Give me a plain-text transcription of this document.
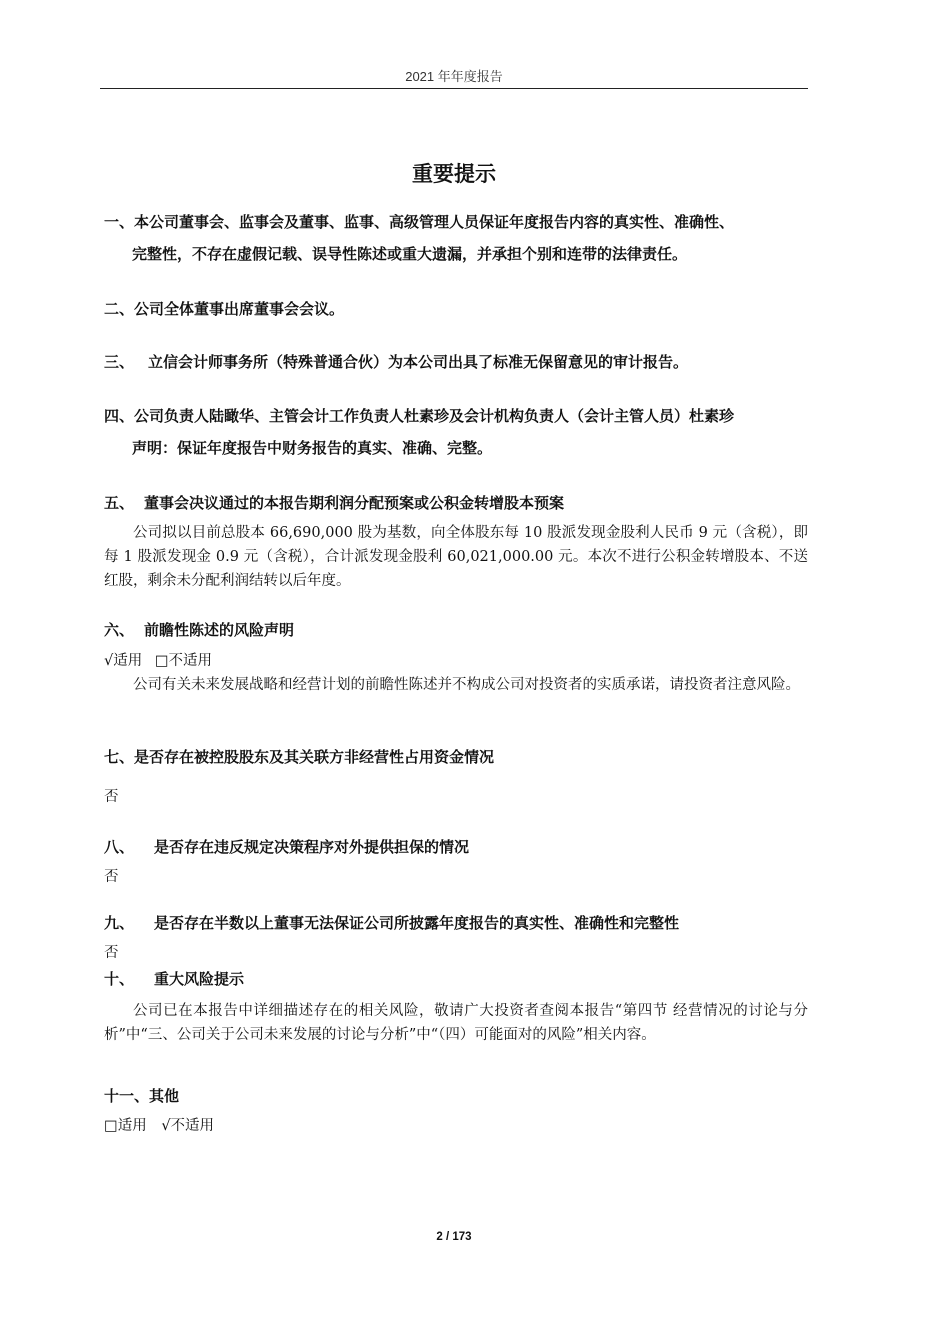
2021 年年度报告
重要提示
一、本公司董事会、监事会及董事、监事、高级管理人员保证年度报告内容的真实性、准确性、
完整性，不存在虚假记载、误导性陈述或重大遗漏，并承担个别和连带的法律责任。
二、公司全体董事出席董事会会议。
三、 立信会计师事务所（特殊普通合伙）为本公司出具了标准无保留意见的审计报告。
四、公司负责人陆瞰华、主管会计工作负责人杜素珍及会计机构负责人（会计主管人员）杜素珍
声明：保证年度报告中财务报告的真实、准确、完整。
五、 董事会决议通过的本报告期利润分配预案或公积金转增股本预案

公司拟以目前总股本 66,690,000 股为基数，向全体股东每 10 股派发现金股利人民币 9 元（含税），即每 1 股派发现金 0.9 元（含税），合计派发现金股利 60,021,000.00 元。本次不进行公积金转增股本、不送红股，剩余未分配利润结转以后年度。

六、 前瞻性陈述的风险声明
√适用 □不适用

公司有关未来发展战略和经营计划的前瞻性陈述并不构成公司对投资者的实质承诺，请投资者注意风险。

七、是否存在被控股股东及其关联方非经营性占用资金情况
否
八、 是否存在违反规定决策程序对外提供担保的情况
否
九、 是否存在半数以上董事无法保证公司所披露年度报告的真实性、准确性和完整性
否
十、 重大风险提示

公司已在本报告中详细描述存在的相关风险，敬请广大投资者查阅本报告“第四节 经营情况的讨论与分析”中“三、公司关于公司未来发展的讨论与分析”中“（四）可能面对的风险”相关内容。

十一、其他
□适用 √不适用
2 / 173
